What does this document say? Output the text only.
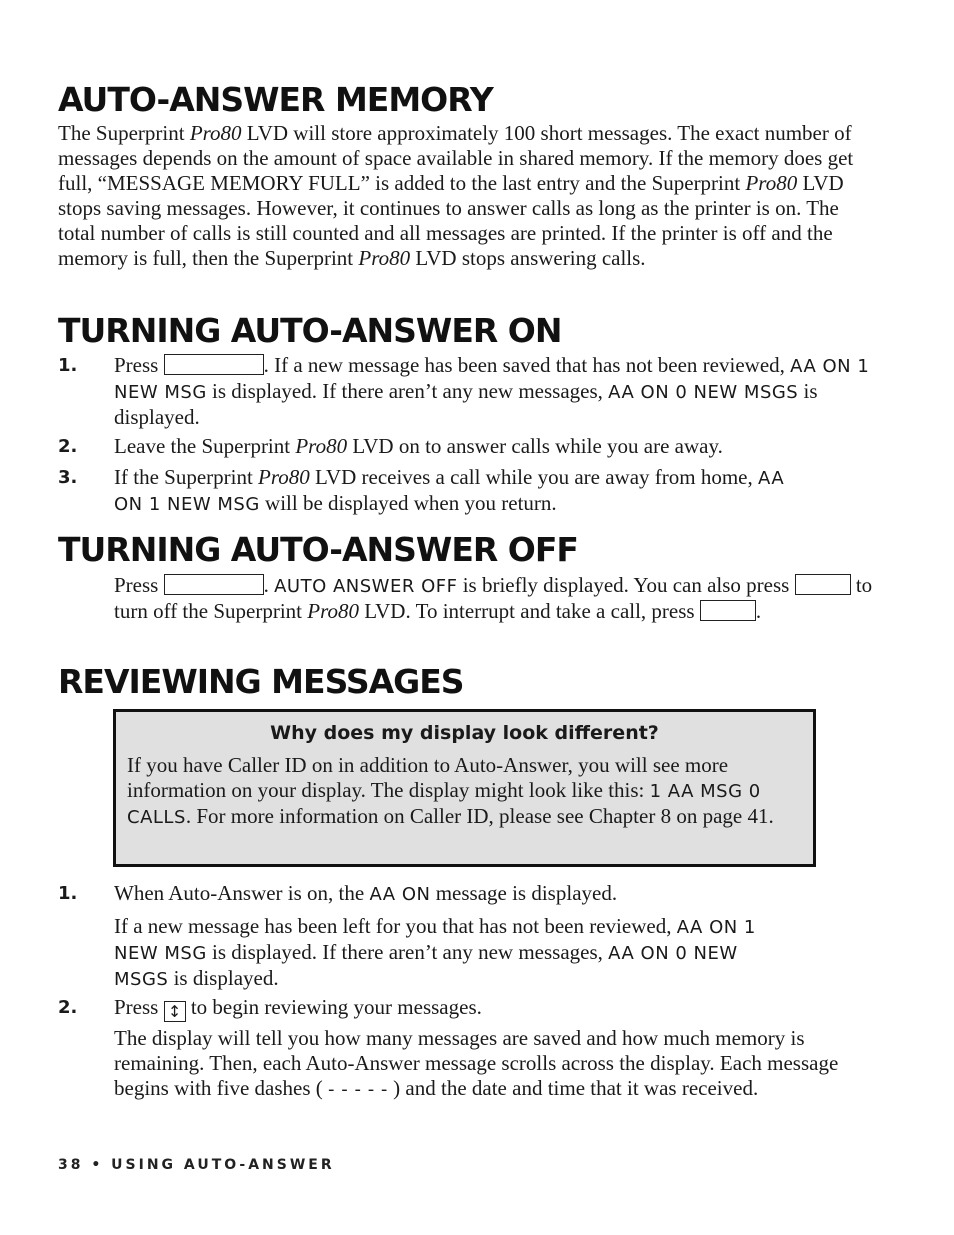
AUTO-ANSWER MEMORY

The Superprint Pro80 LVD will store approximately 100 short messages. The exact number of messages depends on the amount of space available in shared memory. If the memory does get full, “MESSAGE MEMORY FULL” is added to the last entry and the Superprint Pro80 LVD stops saving messages. However, it continues to answer calls as long as the printer is on. The total number of calls is still counted and all messages are printed. If the printer is off and the memory is full, then the Superprint Pro80 LVD stops answering calls.

TURNING AUTO-ANSWER ON
1. Press	. If a new message has been saved that has not been reviewed, AA ON 1 NEW MSG is displayed. If there aren’t any new messages, AA ON 0 NEW MSGS is displayed.

2. Leave the Superprint Pro80 LVD on to answer calls while you are away.

3. If the Superprint Pro80 LVD receives a call while you are away from home, AA ON 1 NEW MSG will be displayed when you return.

TURNING AUTO-ANSWER OFF

Press	. AUTO ANSWER OFF is briefly displayed. You can also press	to turn off the Superprint Pro80 LVD. To interrupt and take a call, press	.

REVIEWING MESSAGES
Why does my display look different?

If you have Caller ID on in addition to Auto-Answer, you will see more information on your display. The display might look like this: 1 AA MSG 0 CALLS. For more information on Caller ID, please see Chapter 8 on page 41.

1. When Auto-Answer is on, the AA ON message is displayed.

If a new message has been left for you that has not been reviewed, AA ON 1 NEW MSG is displayed. If there aren’t any new messages, AA ON 0 NEW MSGS is displayed.

2. Press ↕ to begin reviewing your messages.

The display will tell you how many messages are saved and how much memory is remaining. Then, each Auto-Answer message scrolls across the display. Each message begins with five dashes ( - - - - - ) and the date and time that it was received.

38 • USING AUTO-ANSWER
